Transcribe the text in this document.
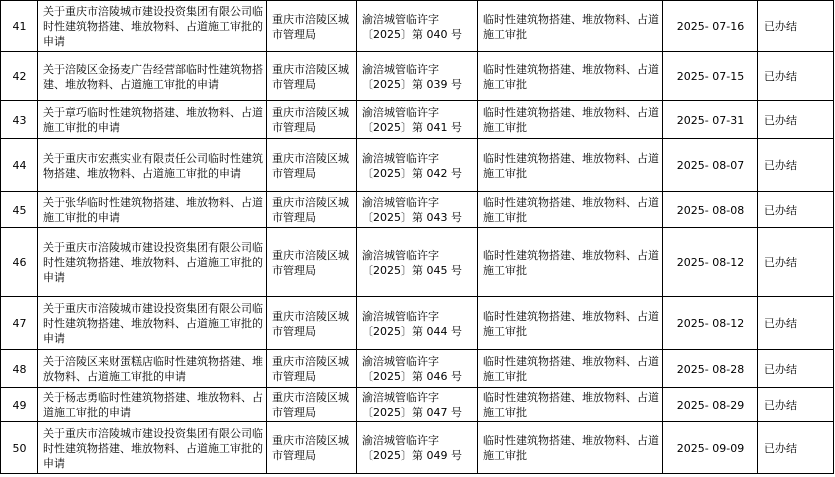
41	关于重庆市涪陵城市建设投资集团有限公司临时性建筑物搭建、堆放物料、占道施工审批的申请	重庆市涪陵区城市管理局	渝涪城管临许字〔2025〕第 040 号	临时性建筑物搭建、堆放物料、占道施工审批	2025- 07-16	已办结
42	关于涪陵区金扬麦广告经营部临时性建筑物搭建、堆放物料、占道施工审批的申请	重庆市涪陵区城市管理局	渝涪城管临许字〔2025〕第 039 号	临时性建筑物搭建、堆放物料、占道施工审批	2025- 07-15	已办结
43	关于章巧临时性建筑物搭建、堆放物料、占道施工审批的申请	重庆市涪陵区城市管理局	渝涪城管临许字〔2025〕第 041 号	临时性建筑物搭建、堆放物料、占道施工审批	2025- 07-31	已办结
44	关于重庆市宏燕实业有限责任公司临时性建筑物搭建、堆放物料、占道施工审批的申请	重庆市涪陵区城市管理局	渝涪城管临许字〔2025〕第 042 号	临时性建筑物搭建、堆放物料、占道施工审批	2025- 08-07	已办结
45	关于张华临时性建筑物搭建、堆放物料、占道施工审批的申请	重庆市涪陵区城市管理局	渝涪城管临许字〔2025〕第 043 号	临时性建筑物搭建、堆放物料、占道施工审批	2025- 08-08	已办结
46	关于重庆市涪陵城市建设投资集团有限公司临时性建筑物搭建、堆放物料、占道施工审批的申请	重庆市涪陵区城市管理局	渝涪城管临许字〔2025〕第 045 号	临时性建筑物搭建、堆放物料、占道施工审批	2025- 08-12	已办结
47	关于重庆市涪陵城市建设投资集团有限公司临时性建筑物搭建、堆放物料、占道施工审批的申请	重庆市涪陵区城市管理局	渝涪城管临许字〔2025〕第 044 号	临时性建筑物搭建、堆放物料、占道施工审批	2025- 08-12	已办结
48	关于涪陵区来财蛋糕店临时性建筑物搭建、堆放物料、占道施工审批的申请	重庆市涪陵区城市管理局	渝涪城管临许字〔2025〕第 046 号	临时性建筑物搭建、堆放物料、占道施工审批	2025- 08-28	已办结
49	关于杨志勇临时性建筑物搭建、堆放物料、占道施工审批的申请	重庆市涪陵区城市管理局	渝涪城管临许字〔2025〕第 047 号	临时性建筑物搭建、堆放物料、占道施工审批	2025- 08-29	已办结
50	关于重庆市涪陵城市建设投资集团有限公司临时性建筑物搭建、堆放物料、占道施工审批的申请	重庆市涪陵区城市管理局	渝涪城管临许字〔2025〕第 049 号	临时性建筑物搭建、堆放物料、占道施工审批	2025- 09-09	已办结
